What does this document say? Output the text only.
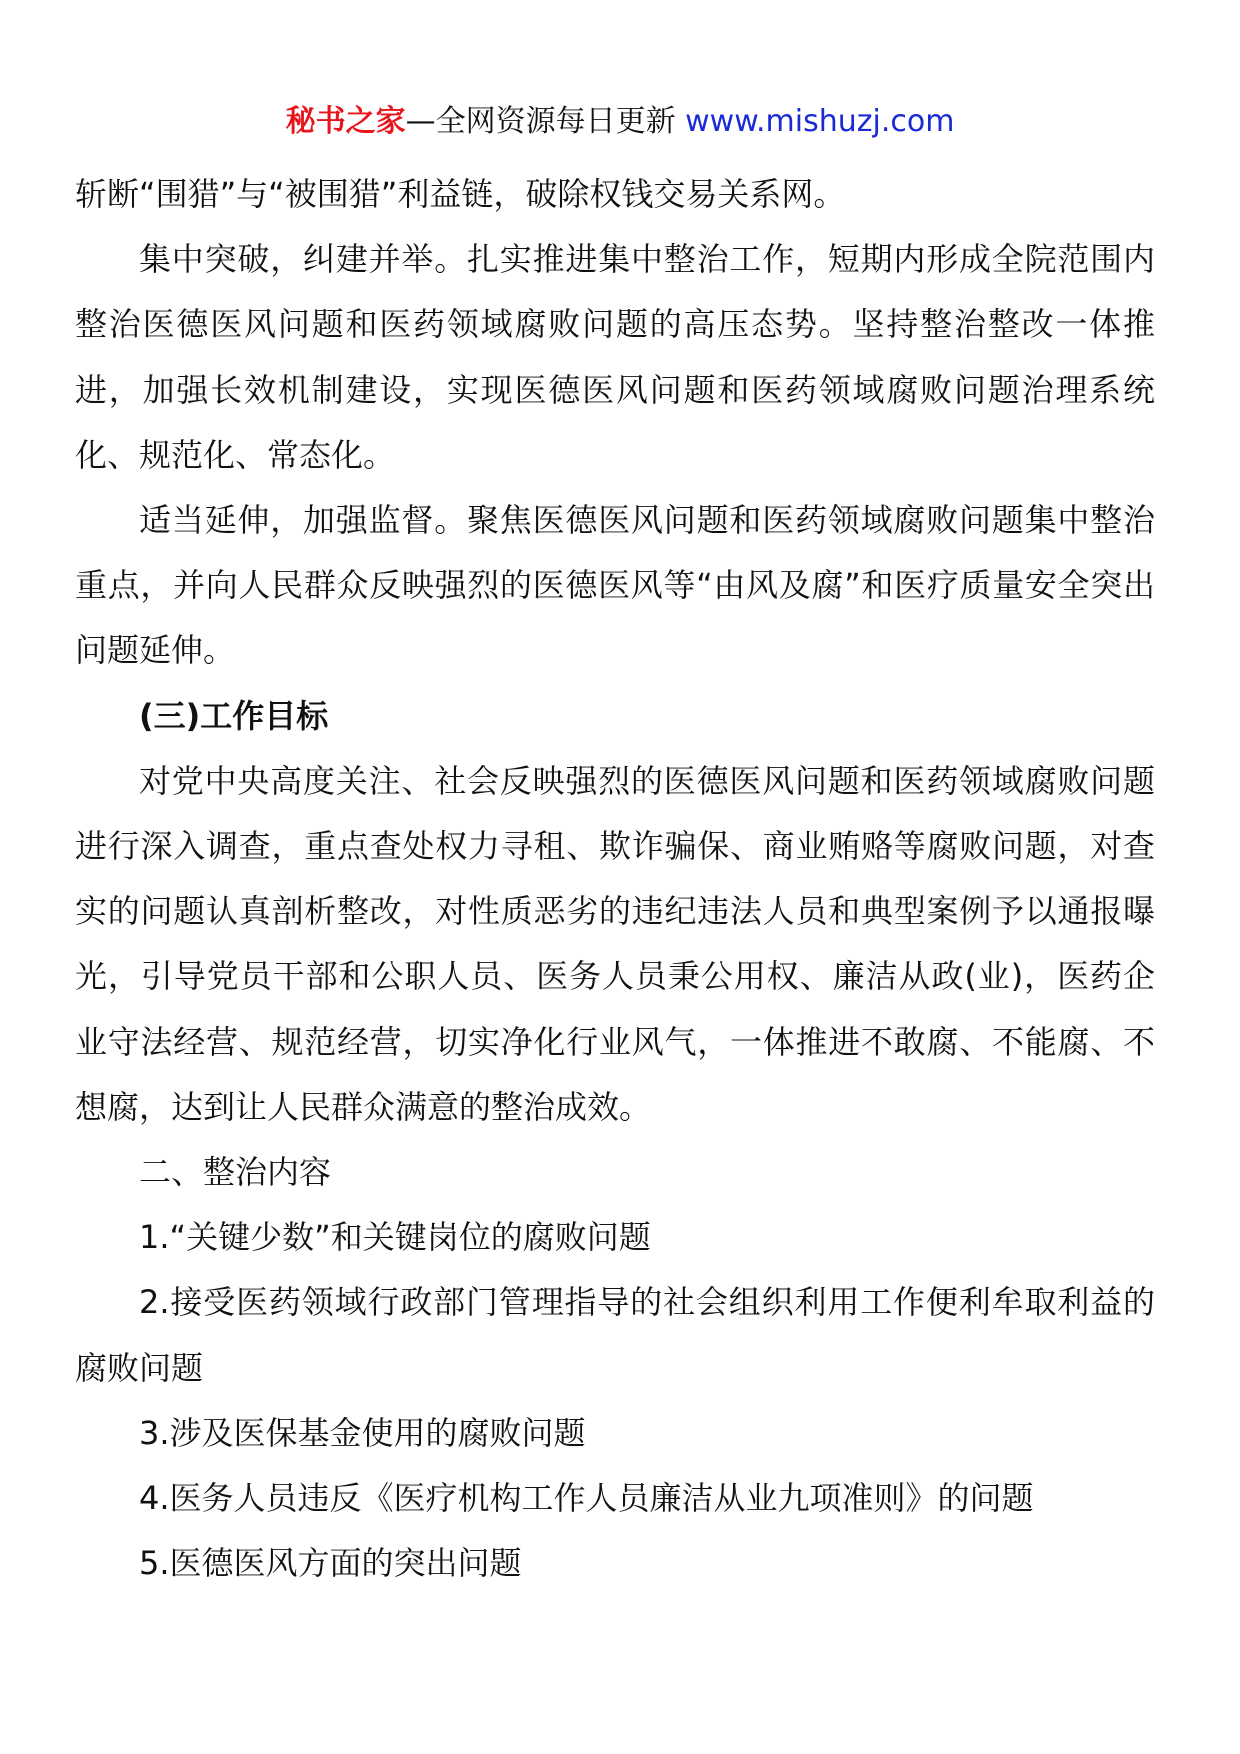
秘书之家—全网资源每日更新 www.mishuzj.com

斩断“围猎”与“被围猎”利益链，破除权钱交易关系网。

集中突破，纠建并举。扎实推进集中整治工作，短期内形成全院范围内整治医德医风问题和医药领域腐败问题的高压态势。坚持整治整改一体推进，加强长效机制建设，实现医德医风问题和医药领域腐败问题治理系统化、规范化、常态化。

适当延伸，加强监督。聚焦医德医风问题和医药领域腐败问题集中整治重点，并向人民群众反映强烈的医德医风等“由风及腐”和医疗质量安全突出问题延伸。

(三)工作目标

对党中央高度关注、社会反映强烈的医德医风问题和医药领域腐败问题进行深入调查，重点查处权力寻租、欺诈骗保、商业贿赂等腐败问题，对查实的问题认真剖析整改，对性质恶劣的违纪违法人员和典型案例予以通报曝光，引导党员干部和公职人员、医务人员秉公用权、廉洁从政(业)，医药企业守法经营、规范经营，切实净化行业风气，一体推进不敢腐、不能腐、不想腐，达到让人民群众满意的整治成效。

二、整治内容

1.“关键少数”和关键岗位的腐败问题

2.接受医药领域行政部门管理指导的社会组织利用工作便利牟取利益的腐败问题

3.涉及医保基金使用的腐败问题

4.医务人员违反《医疗机构工作人员廉洁从业九项准则》的问题

5.医德医风方面的突出问题
